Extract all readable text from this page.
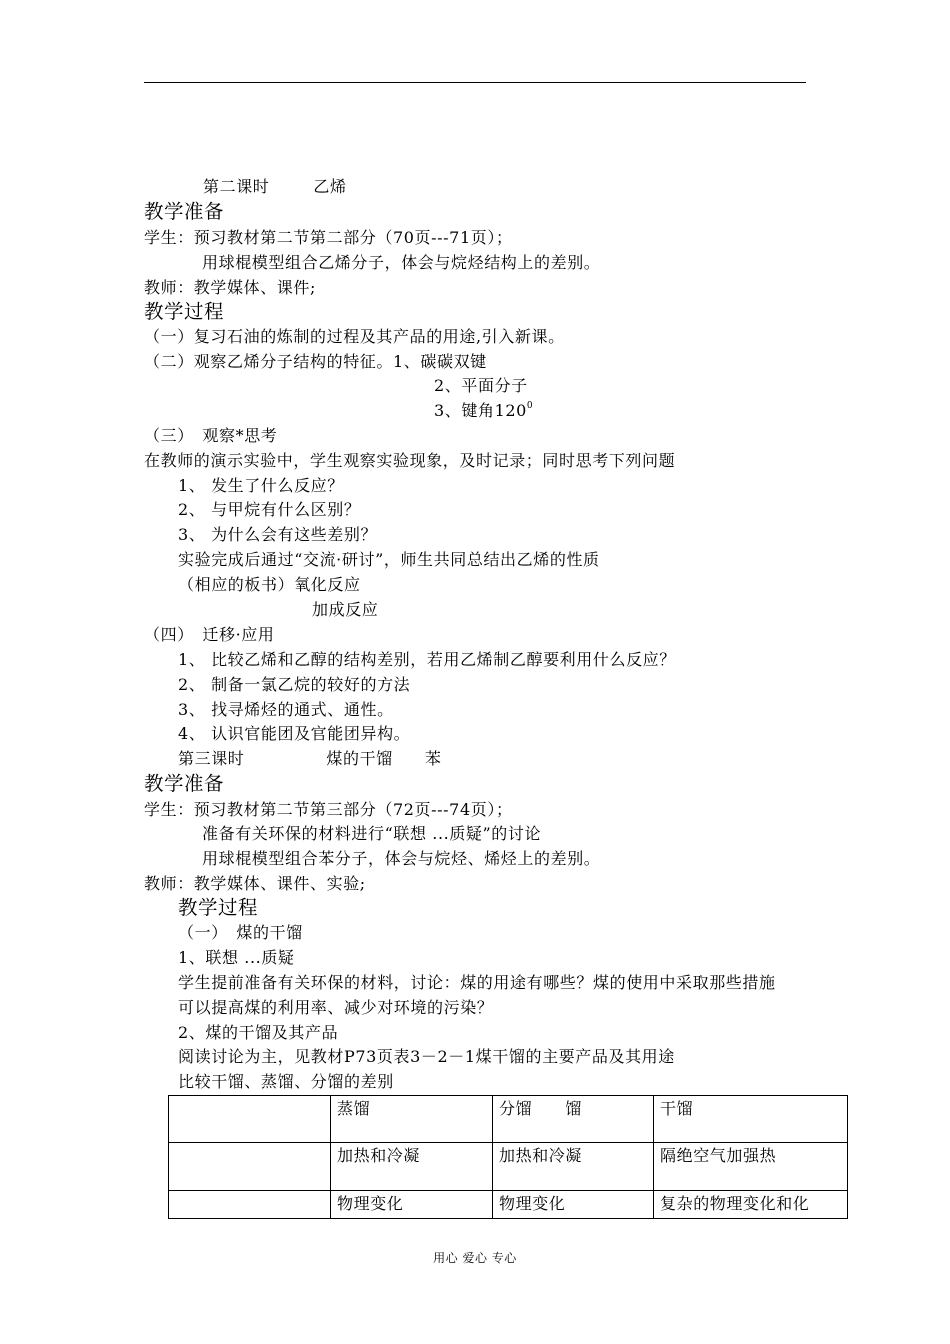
第二课时	乙烯
教学准备
学生：预习教材第二节第二部分（70页---71页）；
用球棍模型组合乙烯分子，体会与烷烃结构上的差别。
教师：教学媒体、课件;
教学过程
（一）复习石油的炼制的过程及其产品的用途,引入新课。
（二）观察乙烯分子结构的特征。1、碳碳双键
2、平面分子
3、键角$120^0$
（三）　观察*思考
在教师的演示实验中，学生观察实验现象，及时记录；同时思考下列问题
1、 发生了什么反应？
2、 与甲烷有什么区别？
3、 为什么会有这些差别？
实验完成后通过“交流·研讨”，师生共同总结出乙烯的性质
（相应的板书）氧化反应
加成反应
（四）　迁移·应用
1、 比较乙烯和乙醇的结构差别，若用乙烯制乙醇要利用什么反应？
2、 制备一氯乙烷的较好的方法
3、 找寻烯烃的通式、通性。
4、 认识官能团及官能团异构。
第三课时	煤的干馏 苯
教学准备
学生：预习教材第二节第三部分（72页---74页）；
准备有关环保的材料进行“联想 ...质疑”的讨论
用球棍模型组合苯分子，体会与烷烃、烯烃上的差别。
教师：教学媒体、课件、实验;
教学过程
（一）　煤的干馏
1、联想 ...质疑
学生提前准备有关环保的材料，讨论：煤的用途有哪些？煤的使用中采取那些措施
可以提高煤的利用率、减少对环境的污染？
2、煤的干馏及其产品
阅读讨论为主，见教材P73页表3－2－1煤干馏的主要产品及其用途
比较干馏、蒸馏、分馏的差别
	蒸馏	分馏　　馏	干馏
	加热和冷凝	加热和冷凝	隔绝空气加强热
	物理变化	物理变化	复杂的物理变化和化
用心 爱心 专心
